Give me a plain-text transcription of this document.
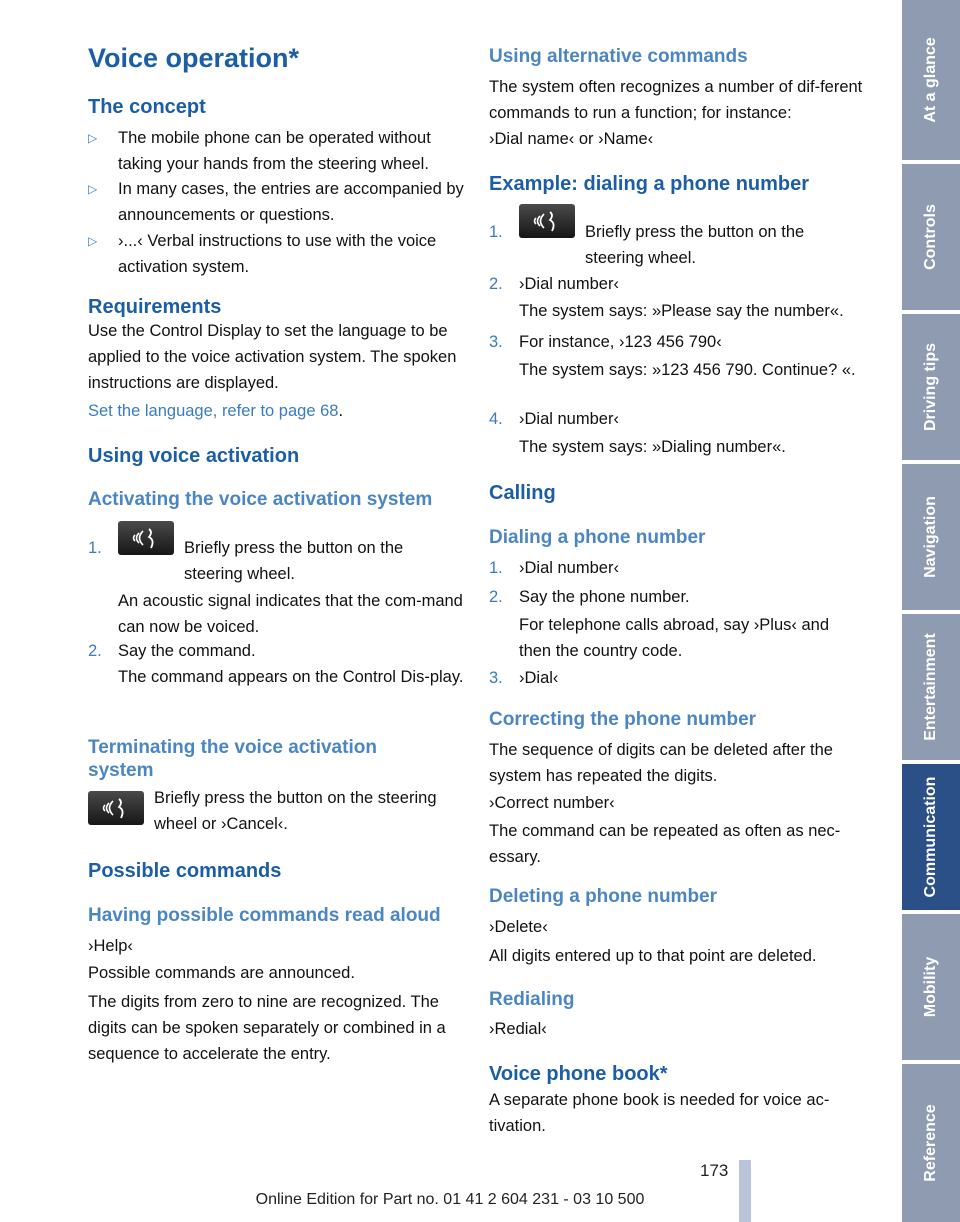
Voice operation*
The concept
▷ The mobile phone can be operated without taking your hands from the steering wheel.

▷ In many cases, the entries are accompanied by announcements or questions.

▷ ›...‹ Verbal instructions to use with the voice activation system.

Requirements

Use the Control Display to set the language to be applied to the voice activation system. The spoken instructions are displayed.

Set the language, refer to page 68.

Using voice activation
Activating the voice activation system
1.	Briefly press the button on the steering wheel.

An acoustic signal indicates that the com-mand can now be voiced.

2. Say the command.

The command appears on the Control Dis-play.

Terminating the voice activation system

Briefly press the button on the steering wheel or ›Cancel‹.

Possible commands
Having possible commands read aloud

›Help‹

Possible commands are announced.

The digits from zero to nine are recognized. The digits can be spoken separately or combined in a sequence to accelerate the entry.

Using alternative commands

The system often recognizes a number of dif-ferent commands to run a function; for instance:

›Dial name‹ or ›Name‹

Example: dialing a phone number
1.	Briefly press the button on the steering wheel.

2. ›Dial number‹

The system says: »Please say the number«.

3. For instance, ›123 456 790‹

The system says: »123 456 790. Continue? «.

4. ›Dial number‹

The system says: »Dialing number«.

Calling
Dialing a phone number
1. ›Dial number‹

2. Say the phone number.

For telephone calls abroad, say ›Plus‹ and then the country code.

3. ›Dial‹

Correcting the phone number

The sequence of digits can be deleted after the system has repeated the digits.

›Correct number‹

The command can be repeated as often as nec-essary.

Deleting a phone number

›Delete‹

All digits entered up to that point are deleted.

Redialing

›Redial‹

Voice phone book*

A separate phone book is needed for voice ac-tivation.

At a glance
Controls
Driving tips
Navigation
Entertainment
Communication
Mobility
Reference
173
Online Edition for Part no. 01 41 2 604 231 - 03 10 500
